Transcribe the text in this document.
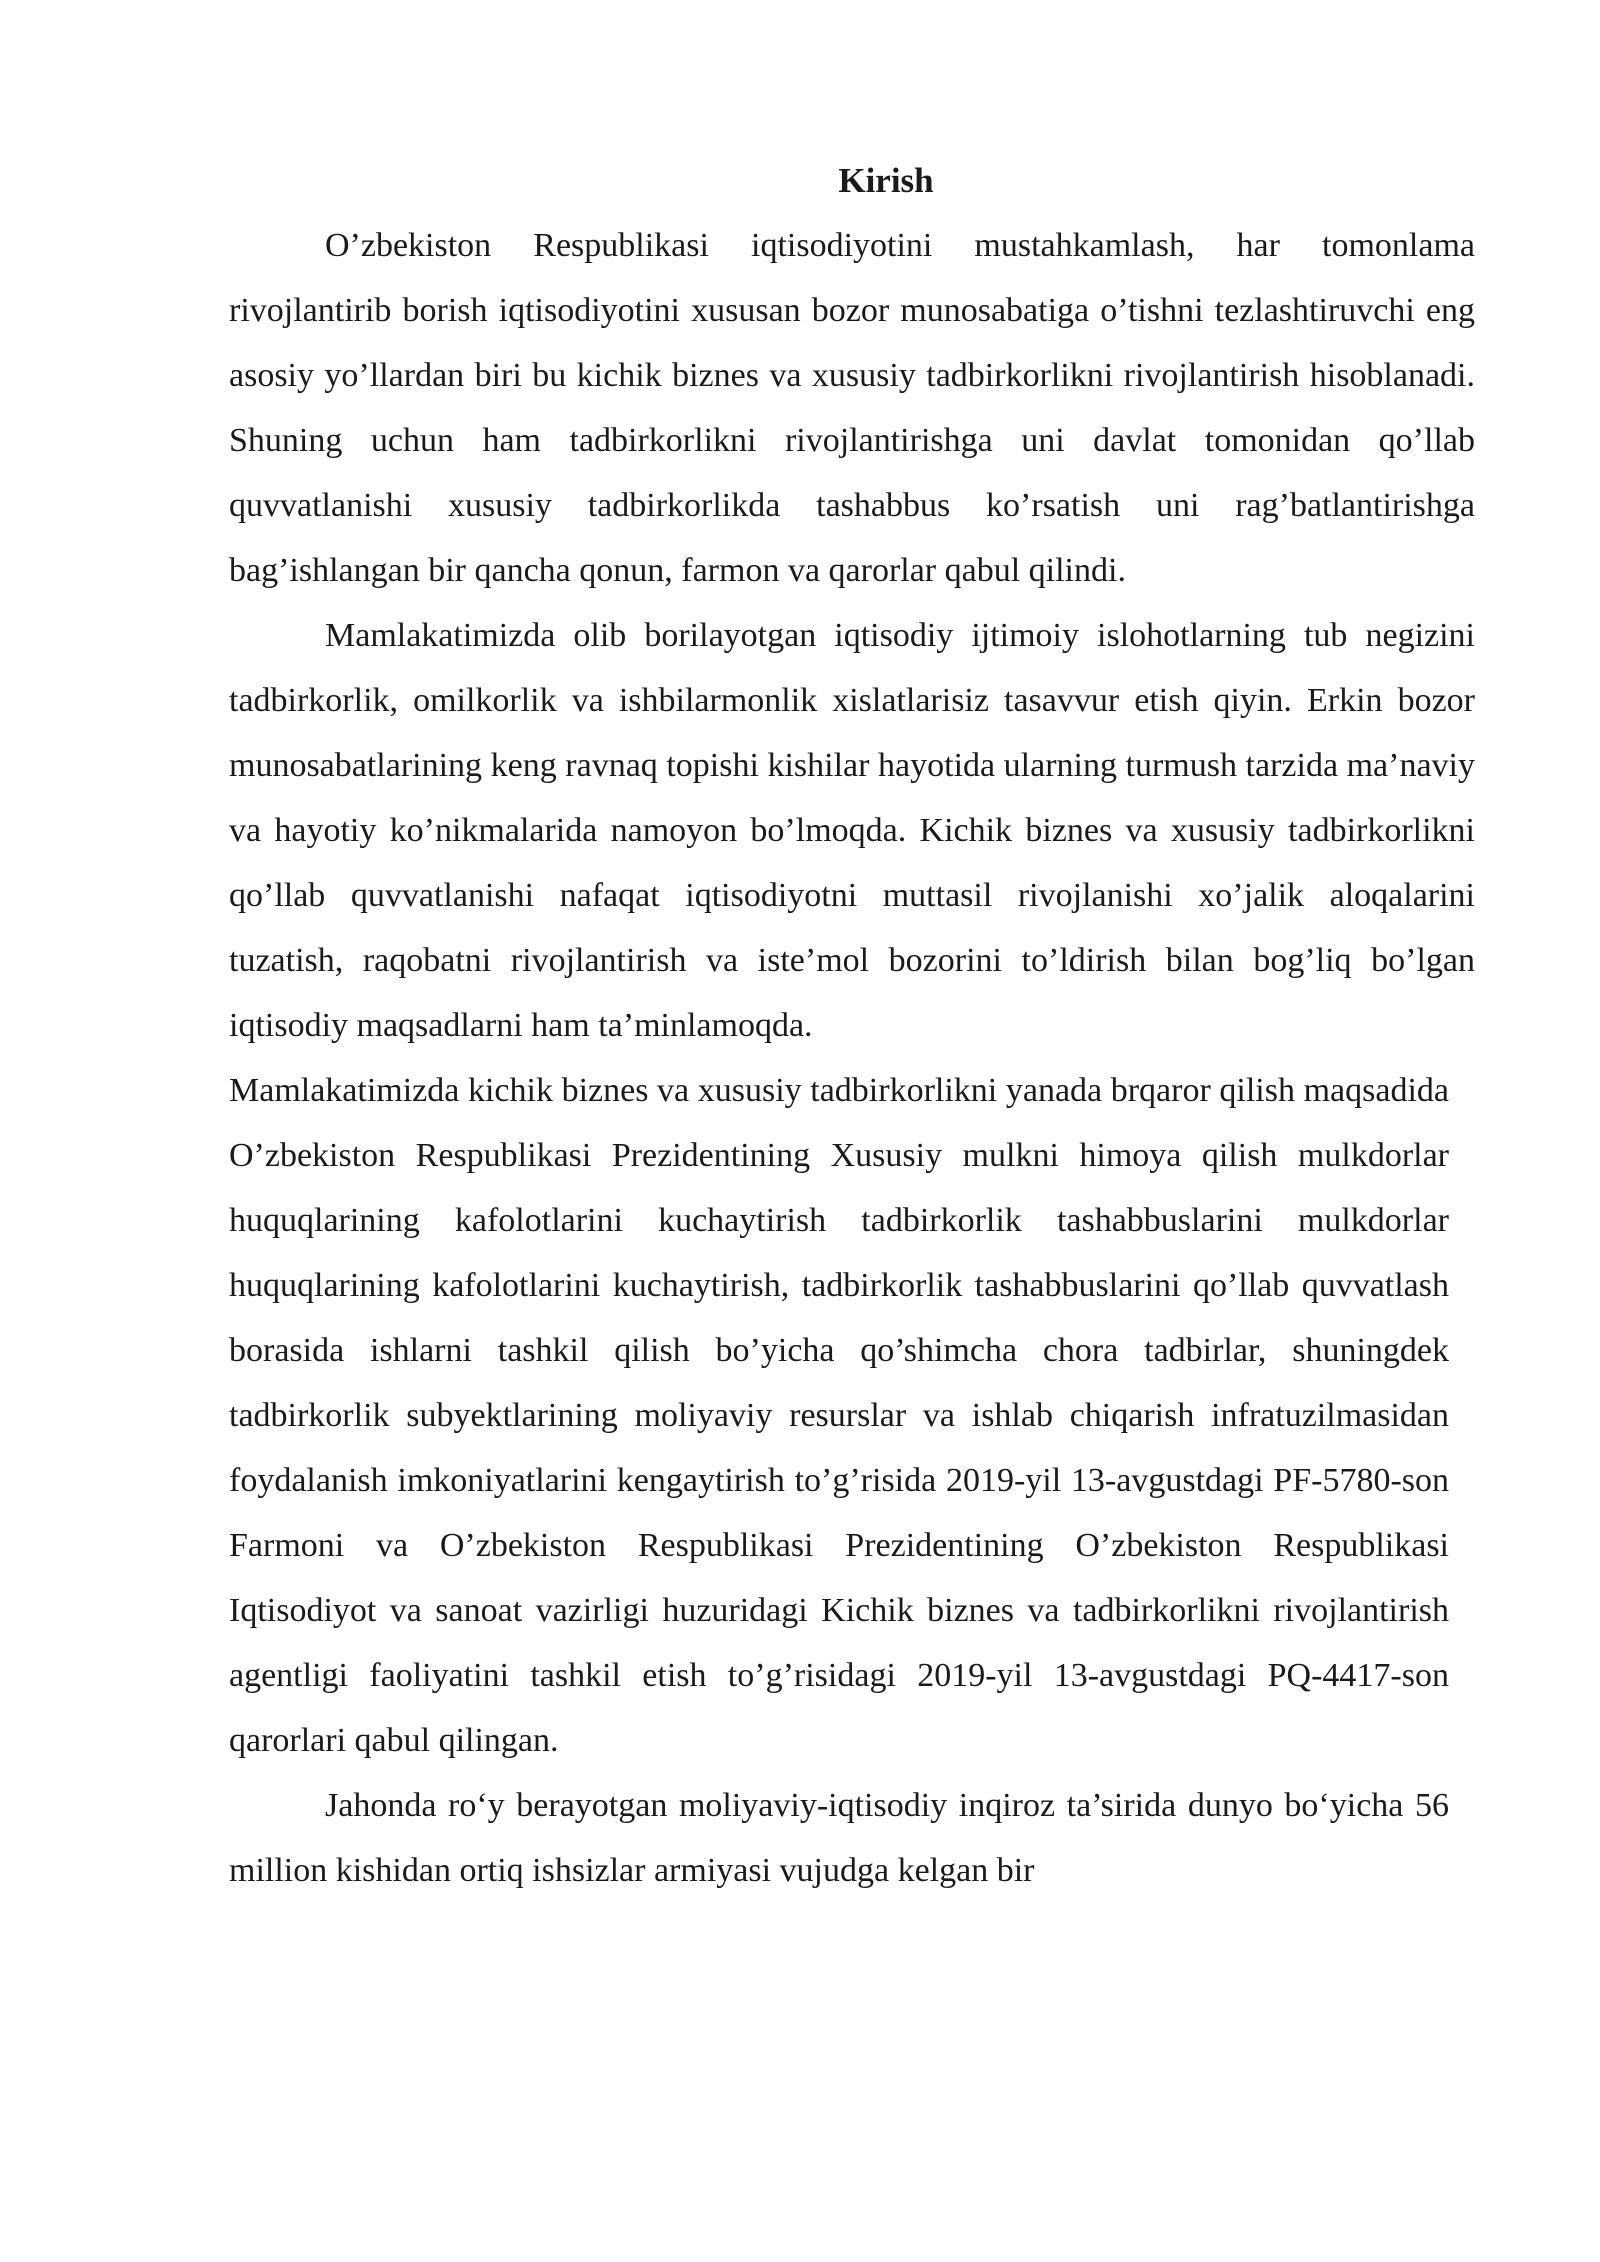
Kirish

O’zbekiston Respublikasi iqtisodiyotini mustahkamlash, har tomonlama rivojlantirib borish iqtisodiyotini xususan bozor munosabatiga o’tishni tezlashtiruvchi eng asosiy yo’llardan biri bu kichik biznes va xususiy tadbirkorlikni rivojlantirish hisoblanadi. Shuning uchun ham tadbirkorlikni rivojlantirishga uni davlat tomonidan qo’llab quvvatlanishi xususiy tadbirkorlikda tashabbus ko’rsatish uni rag’batlantirishga bag’ishlangan bir qancha qonun, farmon va qarorlar qabul qilindi.

Mamlakatimizda olib borilayotgan iqtisodiy ijtimoiy islohotlarning tub negizini tadbirkorlik, omilkorlik va ishbilarmonlik xislatlarisiz tasavvur etish qiyin. Erkin bozor munosabatlarining keng ravnaq topishi kishilar hayotida ularning turmush tarzida ma’naviy va hayotiy ko’nikmalarida namoyon bo’lmoqda. Kichik biznes va xususiy tadbirkorlikni qo’llab quvvatlanishi nafaqat iqtisodiyotni muttasil rivojlanishi xo’jalik aloqalarini tuzatish, raqobatni rivojlantirish va iste’mol bozorini to’ldirish bilan bog’liq bo’lgan iqtisodiy maqsadlarni ham ta’minlamoqda.

Mamlakatimizda kichik biznes va xususiy tadbirkorlikni yanada brqaror qilish maqsadida O’zbekiston Respublikasi Prezidentining Xususiy mulkni himoya qilish mulkdorlar huquqlarining kafolotlarini kuchaytirish tadbirkorlik tashabbuslarini mulkdorlar huquqlarining kafolotlarini kuchaytirish, tadbirkorlik tashabbuslarini qo’llab quvvatlash borasida ishlarni tashkil qilish bo’yicha qo’shimcha chora tadbirlar, shuningdek tadbirkorlik subyektlarining moliyaviy resurslar va ishlab chiqarish infratuzilmasidan foydalanish imkoniyatlarini kengaytirish to’g’risida 2019-yil 13-avgustdagi PF-5780-son Farmoni va O’zbekiston Respublikasi Prezidentining O’zbekiston Respublikasi Iqtisodiyot va sanoat vazirligi huzuridagi Kichik biznes va tadbirkorlikni rivojlantirish agentligi faoliyatini tashkil etish to’g’risidagi 2019-yil 13-avgustdagi PQ-4417-son qarorlari qabul qilingan.

Jahonda ro‘y berayotgan moliyaviy-iqtisodiy inqiroz ta’sirida dunyo bo‘yicha 56 million kishidan ortiq ishsizlar armiyasi vujudga kelgan bir
